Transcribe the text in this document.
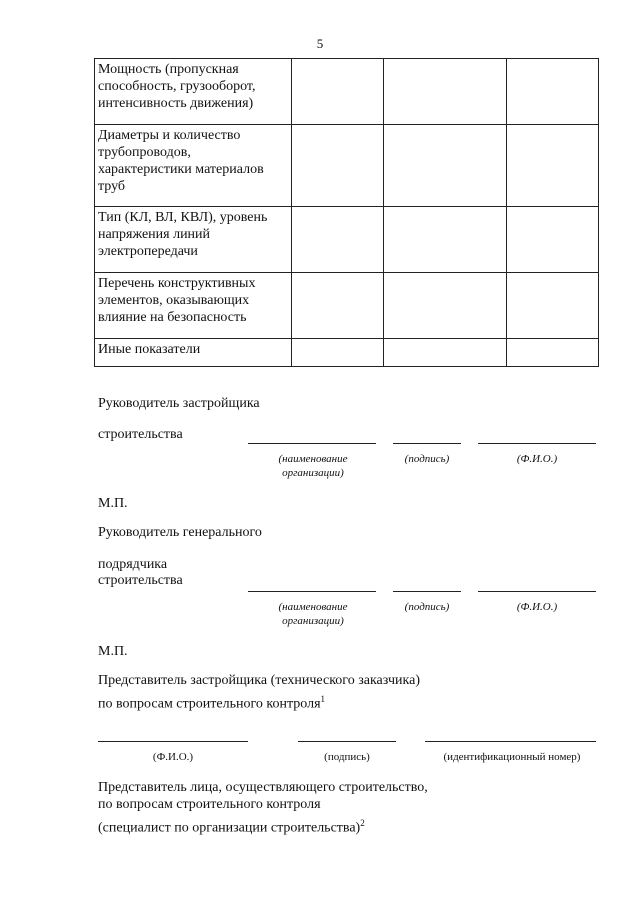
5
Мощность (пропускная способность, грузооборот, интенсивность движения)			
Диаметры и количество трубопроводов, характеристики материалов труб			
Тип (КЛ, ВЛ, КВЛ), уровень напряжения линий электропередачи			
Перечень конструктивных элементов, оказывающих влияние на безопасность			
Иные показатели			
Руководитель застройщика
строительства
(наименование организации)
(подпись)	(Ф.И.О.)
М.П.
Руководитель генерального
подрядчика
строительства
(наименование организации)
(подпись)	(Ф.И.О.)
М.П.
Представитель застройщика (технического заказчика)
по вопросам строительного контроля$^1$
(Ф.И.О.)	(подпись)	(идентификационный номер)
Представитель лица, осуществляющего строительство,
по вопросам строительного контроля
(специалист по организации строительства)$^2$
